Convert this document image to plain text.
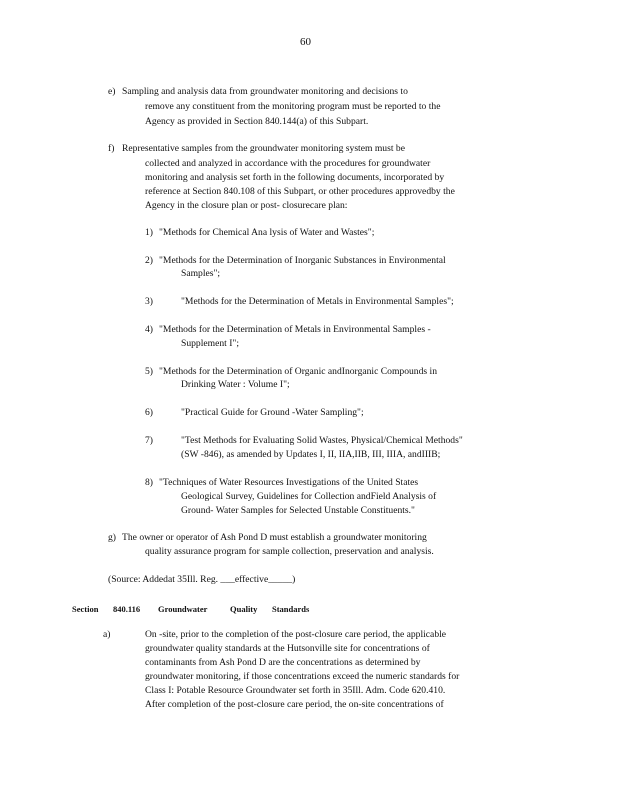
60
e) Sampling and analysis data from groundwater monitoring and decisions to
remove any constituent from the monitoring program must be reported to the
Agency as provided in Section 840.144(a) of this Subpart.
f) Representative samples from the groundwater monitoring system must be
collected and analyzed in accordance with the procedures for groundwater
monitoring and analysis set forth in the following documents, incorporated by
reference at Section 840.108 of this Subpart, or other procedures approvedby the
Agency in the closure plan or post- closurecare plan:
1) "Methods for Chemical Ana lysis of Water and Wastes";
2) "Methods for the Determination of Inorganic Substances in Environmental
Samples";
3)	"Methods for the Determination of Metals in Environmental Samples";
4) "Methods for the Determination of Metals in Environmental Samples -
Supplement I";
5) "Methods for the Determination of Organic andInorganic Compounds in
Drinking Water : Volume I";
6)	"Practical Guide for Ground -Water Sampling";
7)	"Test Methods for Evaluating Solid Wastes, Physical/Chemical Methods"
(SW -846), as amended by Updates I, II, IIA,IIB, III, IIIA, andIIIB;
8) "Techniques of Water Resources Investigations of the United States
Geological Survey, Guidelines for Collection andField Analysis of
Ground- Water Samples for Selected Unstable Constituents."
g) The owner or operator of Ash Pond D must establish a groundwater monitoring
quality assurance program for sample collection, preservation and analysis.
(Source: Addedat 35Ill. Reg. ___effective_____)
Section 840.116 Groundwater	Quality Standards
a)	On -site, prior to the completion of the post-closure care period, the applicable
groundwater quality standards at the Hutsonville site for concentrations of
contaminants from Ash Pond D are the concentrations as determined by
groundwater monitoring, if those concentrations exceed the numeric standards for
Class I: Potable Resource Groundwater set forth in 35Ill. Adm. Code 620.410.
After completion of the post-closure care period, the on-site concentrations of
